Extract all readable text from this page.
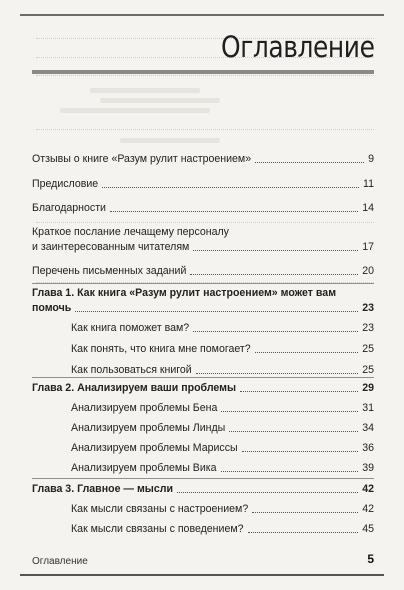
Оглавление
Отзывы о книге «Разум рулит настроением»	9
Предисловие	11
Благодарности	14
Краткое послание лечащему персоналу
и заинтересованным читателям	17
Перечень письменных заданий	20
Глава 1. Как книга «Разум рулит настроением» может вам
помочь	23
Как книга поможет вам?	23
Как понять, что книга мне помогает?	25
Как пользоваться книгой	25
Глава 2. Анализируем ваши проблемы	29
Анализируем проблемы Бена	31
Анализируем проблемы Линды	34
Анализируем проблемы Мариссы	36
Анализируем проблемы Вика	39
Глава 3. Главное — мысли	42
Как мысли связаны с настроением?	42
Как мысли связаны с поведением?	45
Оглавление	5
